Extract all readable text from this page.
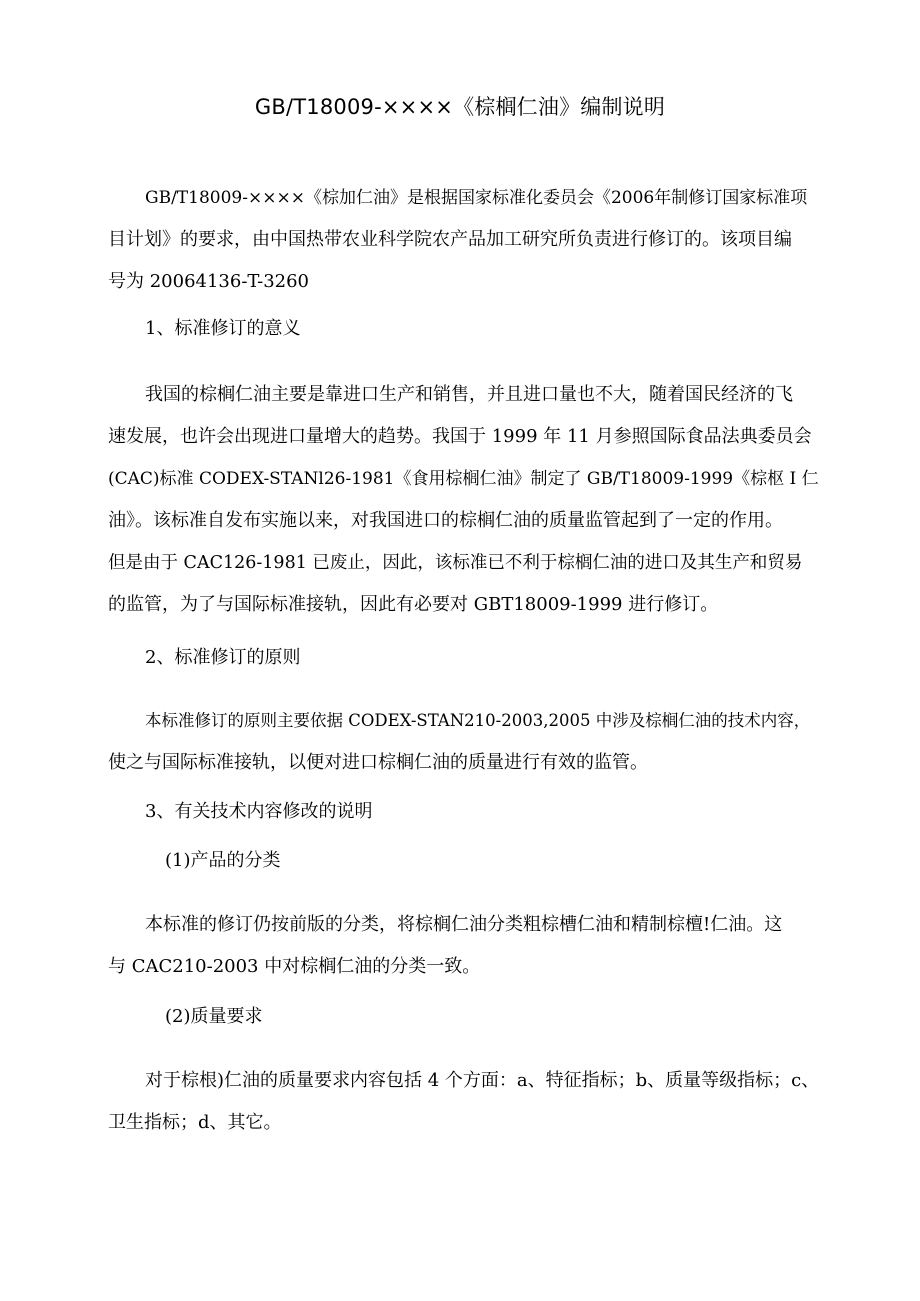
GB/T18009-××××《棕榈仁油》编制说明
GB/T18009-××××《棕加仁油》是根据国家标准化委员会《2006年制修订国家标准项
目计划》的要求，由中国热带农业科学院农产品加工研究所负责进行修订的。该项目编
号为 20064136-T-3260
1、标准修订的意义
我国的棕榈仁油主要是靠进口生产和销售，并且进口量也不大，随着国民经济的飞
速发展，也许会出现进口量增大的趋势。我国于 1999 年 11 月参照国际食品法典委员会
(CAC)标准 CODEX-STANl26-1981《食用棕榈仁油》制定了 GB/T18009-1999《棕枢 I 仁
油》。该标准自发布实施以来，对我国进口的棕榈仁油的质量监管起到了一定的作用。
但是由于 CAC126-1981 已废止，因此，该标准已不利于棕榈仁油的进口及其生产和贸易
的监管，为了与国际标准接轨，因此有必要对 GBT18009-1999 进行修订。
2、标准修订的原则
本标准修订的原则主要依据 CODEX-STAN210-2003,2005 中涉及棕榈仁油的技术内容，
使之与国际标准接轨，以便对进口棕榈仁油的质量进行有效的监管。
3、有关技术内容修改的说明
(1)产品的分类
本标准的修订仍按前版的分类，将棕榈仁油分类粗棕槽仁油和精制棕檀!仁油。这
与 CAC210-2003 中对棕榈仁油的分类一致。
(2)质量要求
对于棕根)仁油的质量要求内容包括 4 个方面：a、特征指标；b、质量等级指标；c、
卫生指标；d、其它。
